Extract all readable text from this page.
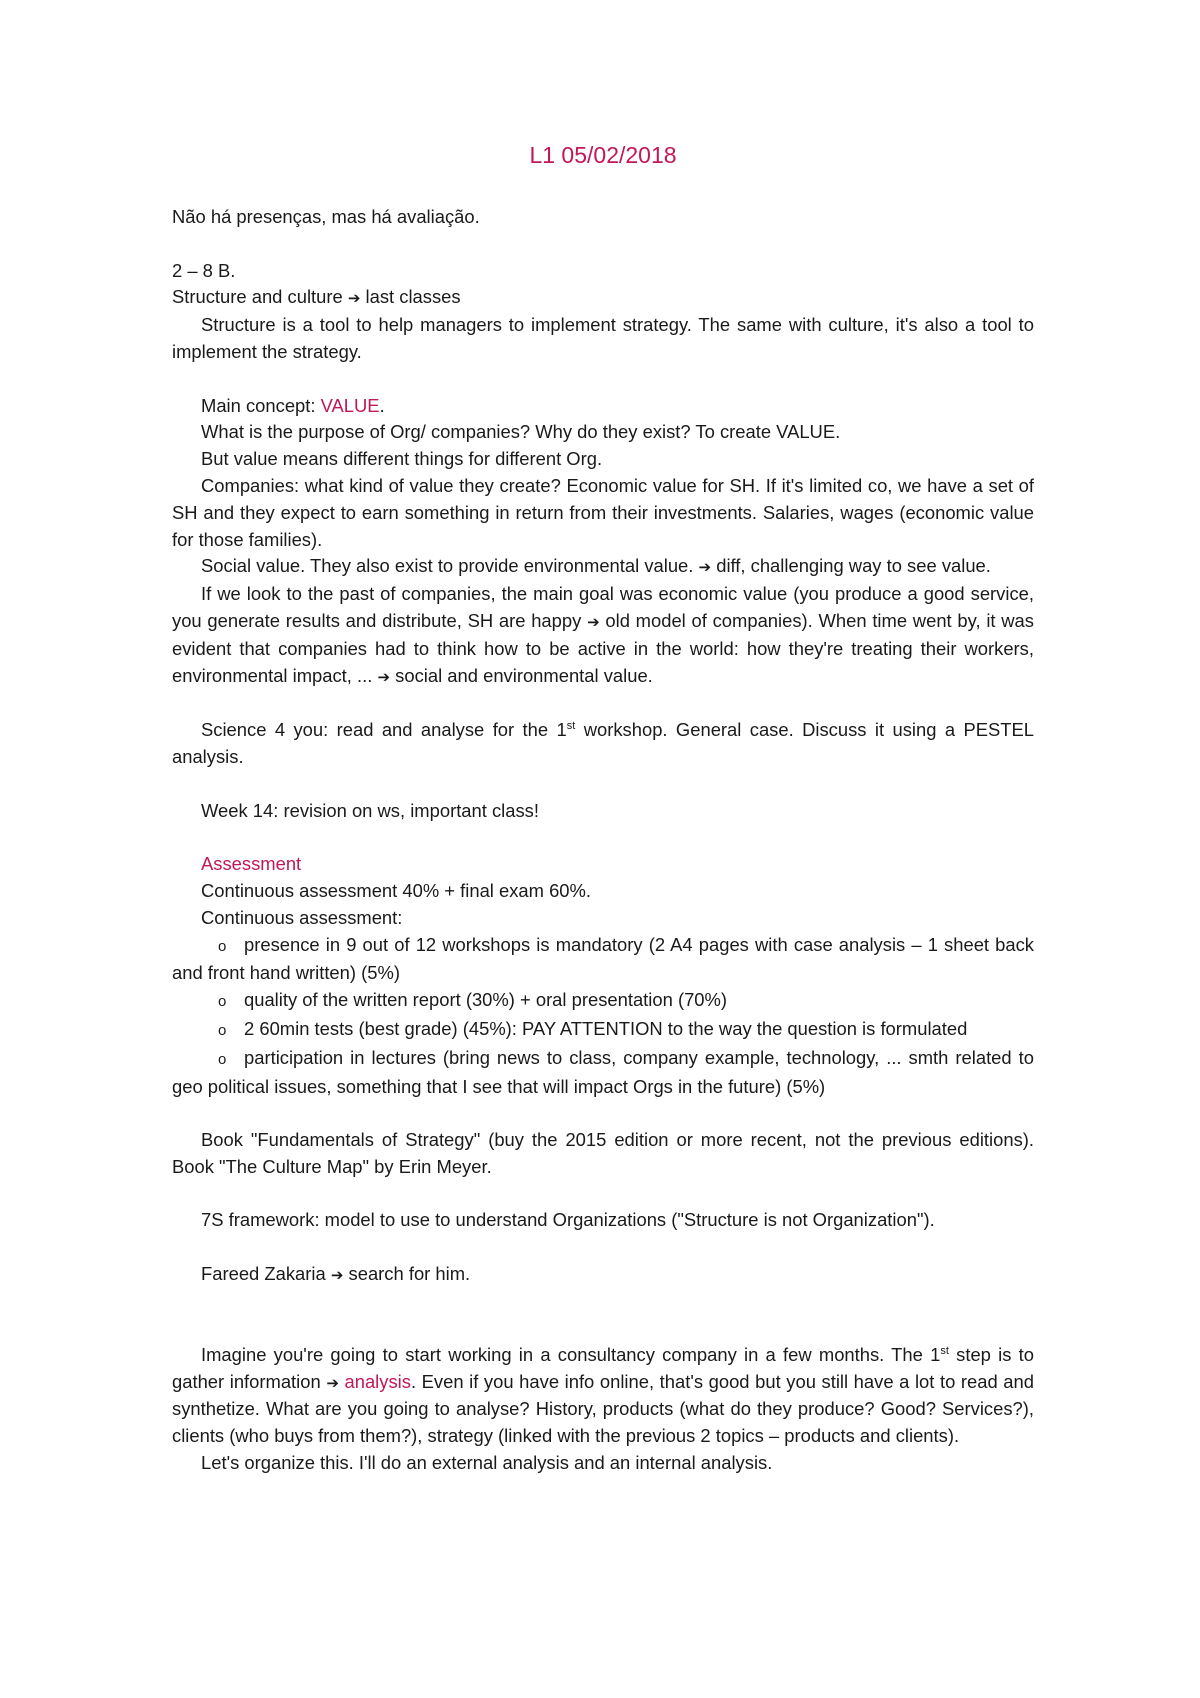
L1 05/02/2018

Não há presenças, mas há avaliação.

2 – 8 B.

Structure and culture ➔ last classes

Structure is a tool to help managers to implement strategy. The same with culture, it's also a tool to implement the strategy.

Main concept: VALUE.

What is the purpose of Org/ companies? Why do they exist? To create VALUE.

But value means different things for different Org.

Companies: what kind of value they create? Economic value for SH. If it's limited co, we have a set of SH and they expect to earn something in return from their investments. Salaries, wages (economic value for those families).

Social value. They also exist to provide environmental value. ➔ diff, challenging way to see value.

If we look to the past of companies, the main goal was economic value (you produce a good service, you generate results and distribute, SH are happy ➔ old model of companies). When time went by, it was evident that companies had to think how to be active in the world: how they're treating their workers, environmental impact, ... ➔ social and environmental value.

Science 4 you: read and analyse for the 1st workshop. General case. Discuss it using a PESTEL analysis.

Week 14: revision on ws, important class!

Assessment

Continuous assessment 40% + final exam 60%.

Continuous assessment:

o presence in 9 out of 12 workshops is mandatory (2 A4 pages with case analysis – 1 sheet back and front hand written) (5%)

o quality of the written report (30%) + oral presentation (70%)

o 2 60min tests (best grade) (45%): PAY ATTENTION to the way the question is formulated

o participation in lectures (bring news to class, company example, technology, ... smth related to geo political issues, something that I see that will impact Orgs in the future) (5%)

Book "Fundamentals of Strategy" (buy the 2015 edition or more recent, not the previous editions). Book "The Culture Map" by Erin Meyer.

7S framework: model to use to understand Organizations ("Structure is not Organization").

Fareed Zakaria ➔ search for him.

Imagine you're going to start working in a consultancy company in a few months. The 1st step is to gather information ➔ analysis. Even if you have info online, that's good but you still have a lot to read and synthetize. What are you going to analyse? History, products (what do they produce? Good? Services?), clients (who buys from them?), strategy (linked with the previous 2 topics – products and clients).

Let's organize this. I'll do an external analysis and an internal analysis.
